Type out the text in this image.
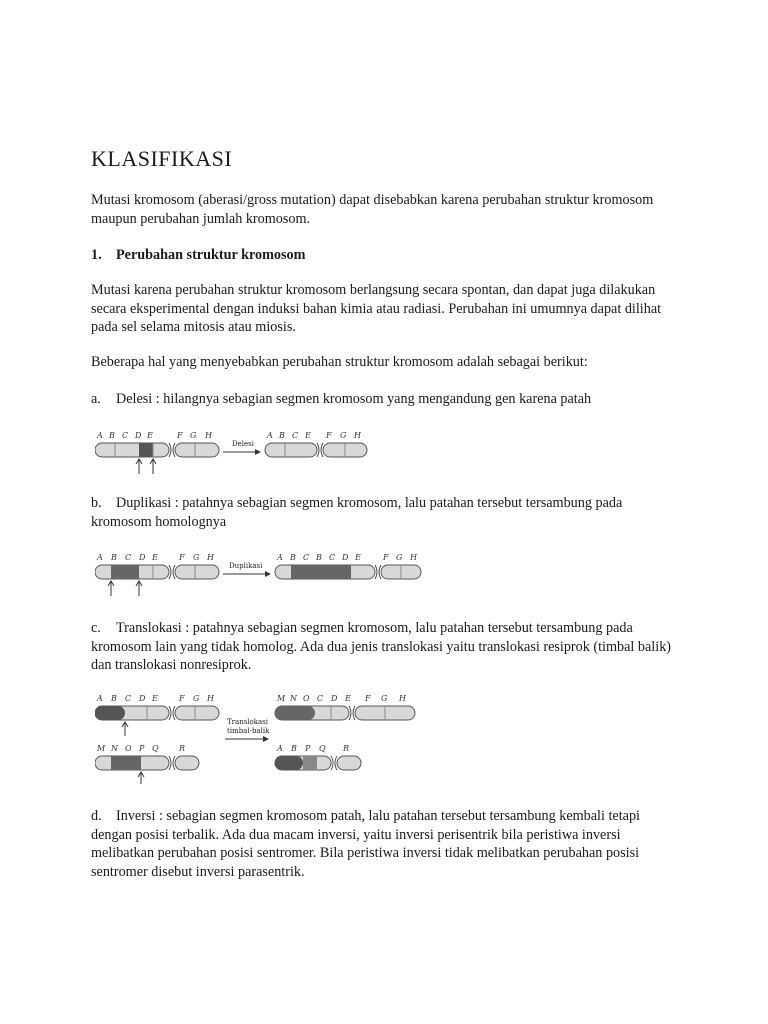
KLASIFIKASI

Mutasi kromosom (aberasi/gross mutation) dapat disebabkan karena perubahan struktur kromosom maupun perubahan jumlah kromosom.

1. Perubahan struktur kromosom

Mutasi karena perubahan struktur kromosom berlangsung secara spontan, dan dapat juga dilakukan secara eksperimental dengan induksi bahan kimia atau radiasi. Perubahan ini umumnya dapat dilihat pada sel selama mitosis atau miosis.

Beberapa hal yang menyebabkan perubahan struktur kromosom adalah sebagai berikut:

a. Delesi : hilangnya sebagian segmen kromosom yang mengandung gen karena patah

A B C D E	F G H
Delesi
A B C E F G H

b. Duplikasi : patahnya sebagian segmen kromosom, lalu patahan tersebut tersambung pada kromosom homolognya

A B C D E	F G H
Duplikasi
A B C B C D E	F G H

c. Translokasi : patahnya sebagian segmen kromosom, lalu patahan tersebut tersambung pada kromosom lain yang tidak homolog. Ada dua jenis translokasi yaitu translokasi resiprok (timbal balik) dan translokasi nonresiprok.

A B C D E	F G H
M N O P Q	R
Translokasi
timbal-balik
M N O C D E F G H
A B P Q R

d. Inversi : sebagian segmen kromosom patah, lalu patahan tersebut tersambung kembali tetapi dengan posisi terbalik. Ada dua macam inversi, yaitu inversi perisentrik bila peristiwa inversi melibatkan perubahan posisi sentromer. Bila peristiwa inversi tidak melibatkan perubahan posisi sentromer disebut inversi parasentrik.
